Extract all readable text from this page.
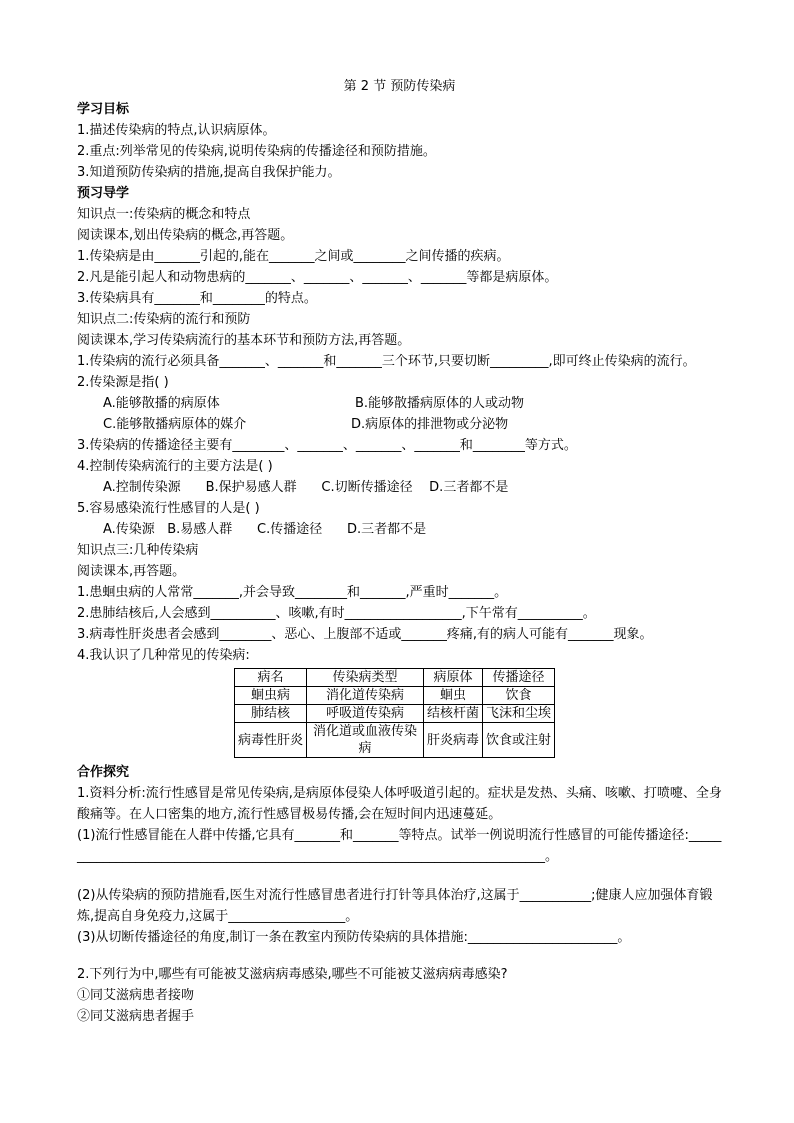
第 2 节 预防传染病
学习目标
1.描述传染病的特点,认识病原体。
2.重点:列举常见的传染病,说明传染病的传播途径和预防措施。
3.知道预防传染病的措施,提高自我保护能力。
预习导学
知识点一:传染病的概念和特点
阅读课本,划出传染病的概念,再答题。
1.传染病是由_______引起的,能在_______之间或________之间传播的疾病。
2.凡是能引起人和动物患病的_______、_______、_______、_______等都是病原体。
3.传染病具有_______和________的特点。
知识点二:传染病的流行和预防
阅读课本,学习传染病流行的基本环节和预防方法,再答题。
1.传染病的流行必须具备_______、_______和_______三个环节,只要切断_________,即可终止传染病的流行。
2.传染源是指( )
A.能够散播的病原体	B.能够散播病原体的人或动物
C.能够散播病原体的媒介	D.病原体的排泄物或分泌物
3.传染病的传播途径主要有________、_______、_______、_______和________等方式。
4.控制传染病流行的主要方法是( )
A.控制传染源      B.保护易感人群      C.切断传播途径    D.三者都不是
5.容易感染流行性感冒的人是( )
A.传染源   B.易感人群      C.传播途径      D.三者都不是
知识点三:几种传染病
阅读课本,再答题。
1.患蛔虫病的人常常_______,并会导致________和_______,严重时_______。
2.患肺结核后,人会感到__________、咳嗽,有时__________________,下午常有__________。
3.病毒性肝炎患者会感到________、恶心、上腹部不适或_______疼痛,有的病人可能有_______现象。
4.我认识了几种常见的传染病:
病名	传染病类型	病原体	传播途径
蛔虫病	消化道传染病	蛔虫	饮食
肺结核	呼吸道传染病	结核杆菌	飞沫和尘埃
病毒性肝炎	消化道或血液传染病	肝炎病毒	饮食或注射
合作探究
1.资料分析:流行性感冒是常见传染病,是病原体侵染人体呼吸道引起的。症状是发热、头痛、咳嗽、打喷嚏、全身酸痛等。在人口密集的地方,流行性感冒极易传播,会在短时间内迅速蔓延。
(1)流行性感冒能在人群中传播,它具有_______和_______等特点。试举一例说明流行性感冒的可能传播途径:_____________________________________________________________________________。
(2)从传染病的预防措施看,医生对流行性感冒患者进行打针等具体治疗,这属于___________;健康人应加强体育锻炼,提高自身免疫力,这属于__________________。
(3)从切断传播途径的角度,制订一条在教室内预防传染病的具体措施:_______________________。
2.下列行为中,哪些有可能被艾滋病病毒感染,哪些不可能被艾滋病病毒感染?
①同艾滋病患者接吻
②同艾滋病患者握手
